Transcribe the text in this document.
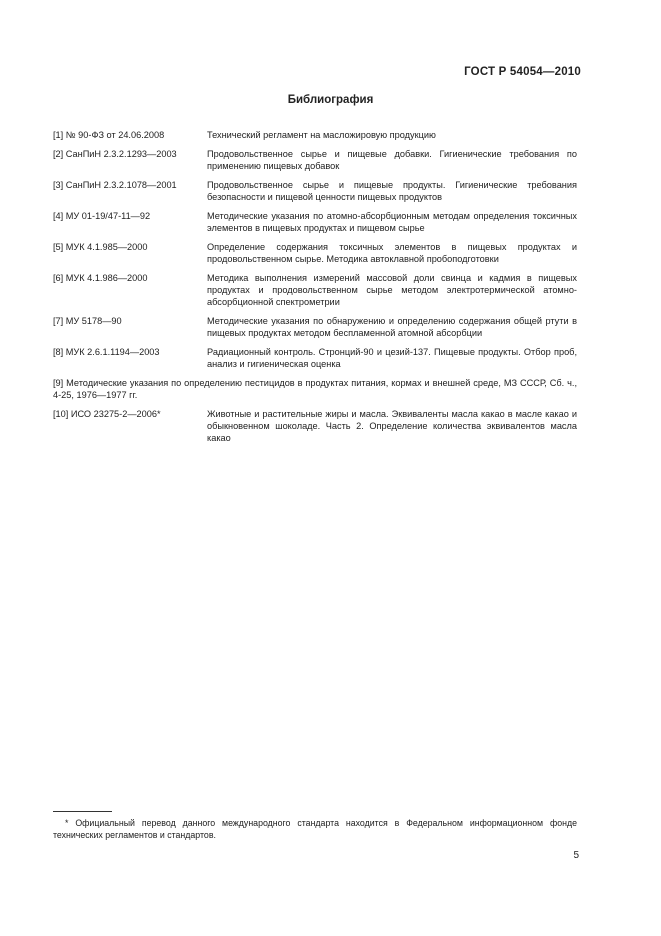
ГОСТ Р 54054—2010
Библиография
[1] № 90-ФЗ от 24.06.2008	Технический регламент на масложировую продукцию
[2] СанПиН 2.3.2.1293—2003	Продовольственное сырье и пищевые добавки. Гигиенические требования по применению пищевых добавок
[3] СанПиН 2.3.2.1078—2001	Продовольственное сырье и пищевые продукты. Гигиенические требования безопасности и пищевой ценности пищевых продуктов
[4] МУ 01-19/47-11—92	Методические указания по атомно-абсорбционным методам определения токсичных элементов в пищевых продуктах и пищевом сырье
[5] МУК 4.1.985—2000	Определение содержания токсичных элементов в пищевых продуктах и продовольственном сырье. Методика автоклавной пробоподготовки
[6] МУК 4.1.986—2000	Методика выполнения измерений массовой доли свинца и кадмия в пищевых продуктах и продовольственном сырье методом электротермической атомно-абсорбционной спектрометрии
[7] МУ 5178—90	Методические указания по обнаружению и определению содержания общей ртути в пищевых продуктах методом беспламенной атомной абсорбции
[8] МУК 2.6.1.1194—2003	Радиационный контроль. Стронций-90 и цезий-137. Пищевые продукты. Отбор проб, анализ и гигиеническая оценка
[9] Методические указания по определению пестицидов в продуктах питания, кормах и внешней среде, МЗ СССР, Сб. ч., 4-25, 1976—1977 гг.
[10] ИСО 23275-2—2006*	Животные и растительные жиры и масла. Эквиваленты масла какао в масле какао и обыкновенном шоколаде. Часть 2. Определение количества эквивалентов масла какао
* Официальный перевод данного международного стандарта находится в Федеральном информационном фонде технических регламентов и стандартов.
5
